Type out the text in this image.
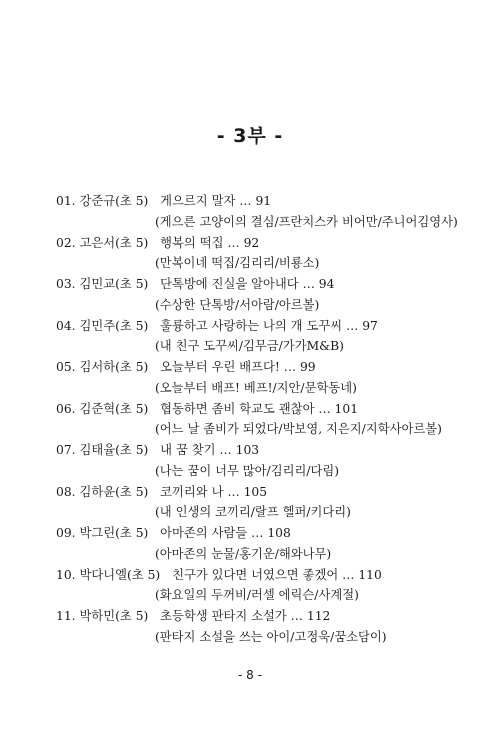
- 3부 -
01. 강준규(초 5) 게으르지 말자 … 91
(게으른 고양이의 결심/프란치스카 비어만/주니어김영사)
02. 고은서(초 5) 행복의 떡집 … 92
(만복이네 떡집/김리리/비룡소)
03. 김민교(초 5) 단톡방에 진실을 알아내다 … 94
(수상한 단톡방/서아람/아르볼)
04. 김민주(초 5) 훌륭하고 사랑하는 나의 개 도꾸씨 … 97
(내 친구 도꾸씨/김무금/가가M&B)
05. 김서하(초 5) 오늘부터 우린 배프다! … 99
(오늘부터 배프! 베프!/지안/문학동네)
06. 김준혁(초 5) 협동하면 좀비 학교도 괜찮아 … 101
(어느 날 좀비가 되었다/박보영, 지은지/지학사아르볼)
07. 김태율(초 5) 내 꿈 찾기 … 103
(나는 꿈이 너무 많아/김리리/다림)
08. 김하윤(초 5) 코끼리와 나 … 105
(내 인생의 코끼리/랄프 헬퍼/키다리)
09. 박그린(초 5) 아마존의 사람들 … 108
(아마존의 눈물/홍기운/해와나무)
10. 박다니엘(초 5) 친구가 있다면 너였으면 좋겠어 … 110
(화요일의 두꺼비/러셀 에릭슨/사계절)
11. 박하민(초 5) 초등학생 판타지 소설가 … 112
(판타지 소설을 쓰는 아이/고정욱/꿈소담이)
- 8 -
